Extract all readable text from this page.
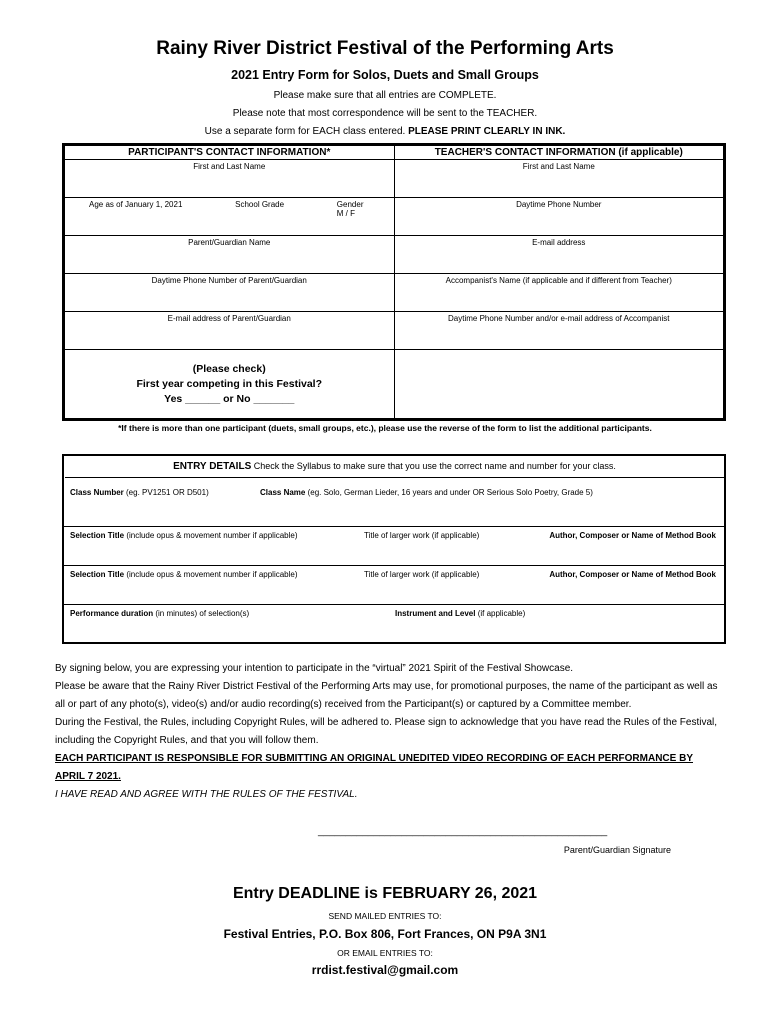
Rainy River District Festival of the Performing Arts
2021 Entry Form for Solos, Duets and Small Groups
Please make sure that all entries are COMPLETE.
Please note that most correspondence will be sent to the TEACHER.
Use a separate form for EACH class entered. PLEASE PRINT CLEARLY IN INK.
PARTICIPANT'S CONTACT INFORMATION*	TEACHER'S CONTACT INFORMATION (if applicable)

First and Last Name	First and Last Name

Age as of January 1, 2021 School Grade Gender
M / F	Daytime Phone Number

Parent/Guardian Name	E-mail address

Daytime Phone Number of Parent/Guardian	Accompanist's Name (if applicable and if different from Teacher)

E-mail address of Parent/Guardian	Daytime Phone Number and/or e-mail address of Accompanist

(Please check)
First year competing in this Festival?
Yes ______ or No _______	

*If there is more than one participant (duets, small groups, etc.), please use the reverse of the form to list the additional participants.
ENTRY DETAILS Check the Syllabus to make sure that you use the correct name and number for your class.
Class Number (eg. PV1251 OR D501)	Class Name (eg. Solo, German Lieder, 16 years and under OR Serious Solo Poetry, Grade 5)
Selection Title (include opus & movement number if applicable)	Title of larger work (if applicable)	Author, Composer or Name of Method Book
Selection Title (include opus & movement number if applicable)	Title of larger work (if applicable)	Author, Composer or Name of Method Book
Performance duration (in minutes) of selection(s)	Instrument and Level (if applicable)
By signing below, you are expressing your intention to participate in the “virtual” 2021 Spirit of the Festival Showcase.
Please be aware that the Rainy River District Festival of the Performing Arts may use, for promotional purposes, the name of the participant as well as all or part of any photo(s), video(s) and/or audio recording(s) received from the Participant(s) or captured by a Committee member.
During the Festival, the Rules, including Copyright Rules, will be adhered to. Please sign to acknowledge that you have read the Rules of the Festival, including the Copyright Rules, and that you will follow them.
EACH PARTICIPANT IS RESPONSIBLE FOR SUBMITTING AN ORIGINAL UNEDITED VIDEO RECORDING OF EACH PERFORMANCE BY APRIL 7 2021.
I HAVE READ AND AGREE WITH THE RULES OF THE FESTIVAL.
____________________________________________________
Parent/Guardian Signature
Entry DEADLINE is FEBRUARY 26, 2021
SEND MAILED ENTRIES TO:
Festival Entries, P.O. Box 806, Fort Frances, ON P9A 3N1
OR EMAIL ENTRIES TO:
rrdist.festival@gmail.com
